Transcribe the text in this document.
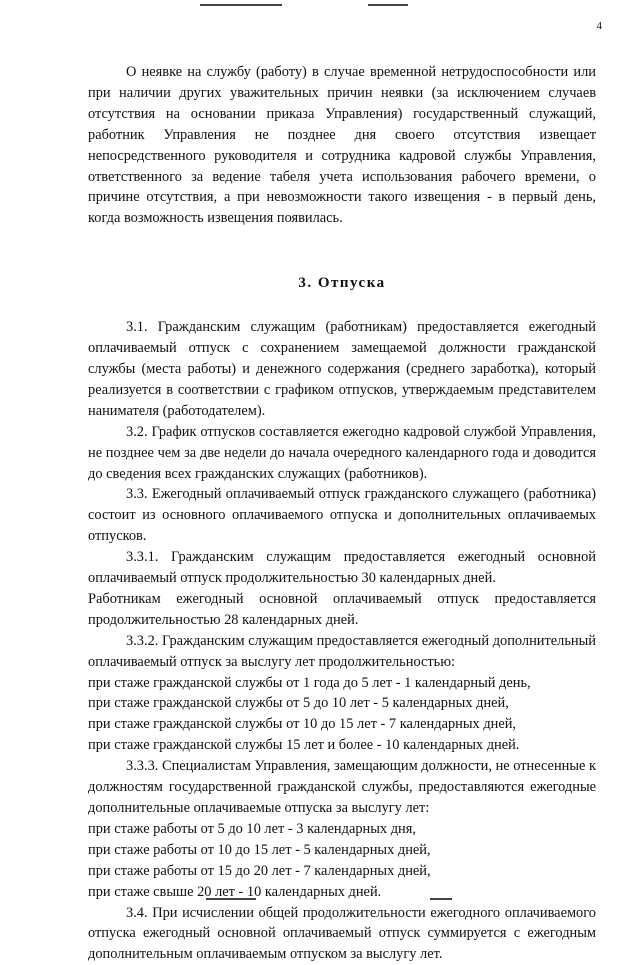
4

О неявке на службу (работу) в случае временной нетрудоспособности или при наличии других уважительных причин неявки (за исключением случаев отсутствия на основании приказа Управления) государственный служащий, работник Управления не позднее дня своего отсутствия извещает непосредственного руководителя и сотрудника кадровой службы Управления, ответственного за ведение табеля учета использования рабочего времени, о причине отсутствия, а при невозможности такого извещения - в первый день, когда возможность извещения появилась.

3. Отпуска

3.1. Гражданским служащим (работникам) предоставляется ежегодный оплачиваемый отпуск с сохранением замещаемой должности гражданской службы (места работы) и денежного содержания (среднего заработка), который реализуется в соответствии с графиком отпусков, утверждаемым представителем нанимателя (работодателем).

3.2. График отпусков составляется ежегодно кадровой службой Управления, не позднее чем за две недели до начала очередного календарного года и доводится до сведения всех гражданских служащих (работников).

3.3. Ежегодный оплачиваемый отпуск гражданского служащего (работника) состоит из основного оплачиваемого отпуска и дополнительных оплачиваемых отпусков.

3.3.1. Гражданским служащим предоставляется ежегодный основной оплачиваемый отпуск продолжительностью 30 календарных дней.

Работникам ежегодный основной оплачиваемый отпуск предоставляется продолжительностью 28 календарных дней.

3.3.2. Гражданским служащим предоставляется ежегодный дополнительный оплачиваемый отпуск за выслугу лет продолжительностью:

при стаже гражданской службы от 1 года до 5 лет - 1 календарный день,

при стаже гражданской службы от 5 до 10 лет - 5 календарных дней,

при стаже гражданской службы от 10 до 15 лет - 7 календарных дней,

при стаже гражданской службы 15 лет и более - 10 календарных дней.

3.3.3. Специалистам Управления, замещающим должности, не отнесенные к должностям государственной гражданской службы, предоставляются ежегодные дополнительные оплачиваемые отпуска за выслугу лет:

при стаже работы от 5 до 10 лет - 3 календарных дня,

при стаже работы от 10 до 15 лет - 5 календарных дней,

при стаже работы от 15 до 20 лет - 7 календарных дней,

при стаже свыше 20 лет - 10 календарных дней.

3.4. При исчислении общей продолжительности ежегодного оплачиваемого отпуска ежегодный основной оплачиваемый отпуск суммируется с ежегодным дополнительным оплачиваемым отпуском за выслугу лет.
